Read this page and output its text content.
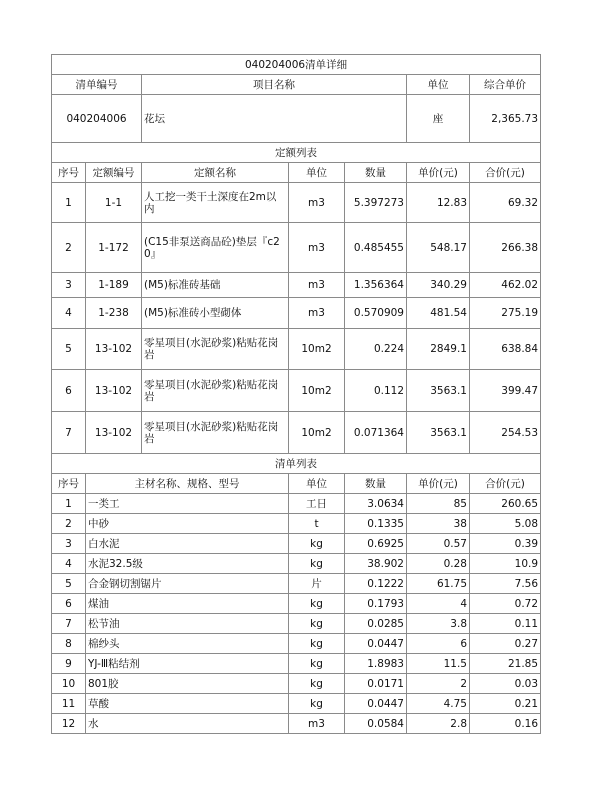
040204006清单详细						
清单编号		项目名称			单位	综合单价
040204006		花坛			座	2,365.73
定额列表						
序号	定额编号	定额名称	单位	数量	单价(元)	合价(元)
1	1-1	人工挖一类干土深度在2m以内	m3	5.397273	12.83	69.32
2	1-172	(C15非泵送商品砼)垫层『c20』	m3	0.485455	548.17	266.38
3	1-189	(M5)标准砖基础	m3	1.356364	340.29	462.02
4	1-238	(M5)标准砖小型砌体	m3	0.570909	481.54	275.19
5	13-102	零星项目(水泥砂浆)粘贴花岗岩	10m2	0.224	2849.1	638.84
6	13-102	零星项目(水泥砂浆)粘贴花岗岩	10m2	0.112	3563.1	399.47
7	13-102	零星项目(水泥砂浆)粘贴花岗岩	10m2	0.071364	3563.1	254.53
清单列表						
序号	主材名称、规格、型号		单位	数量	单价(元)	合价(元)
1	一类工		工日	3.0634	85	260.65
2	中砂		t	0.1335	38	5.08
3	白水泥		kg	0.6925	0.57	0.39
4	水泥32.5级		kg	38.902	0.28	10.9
5	合金钢切割锯片		片	0.1222	61.75	7.56
6	煤油		kg	0.1793	4	0.72
7	松节油		kg	0.0285	3.8	0.11
8	棉纱头		kg	0.0447	6	0.27
9	YJ-Ⅲ粘结剂		kg	1.8983	11.5	21.85
10	801胶		kg	0.0171	2	0.03
11	草酸		kg	0.0447	4.75	0.21
12	水		m3	0.0584	2.8	0.16
